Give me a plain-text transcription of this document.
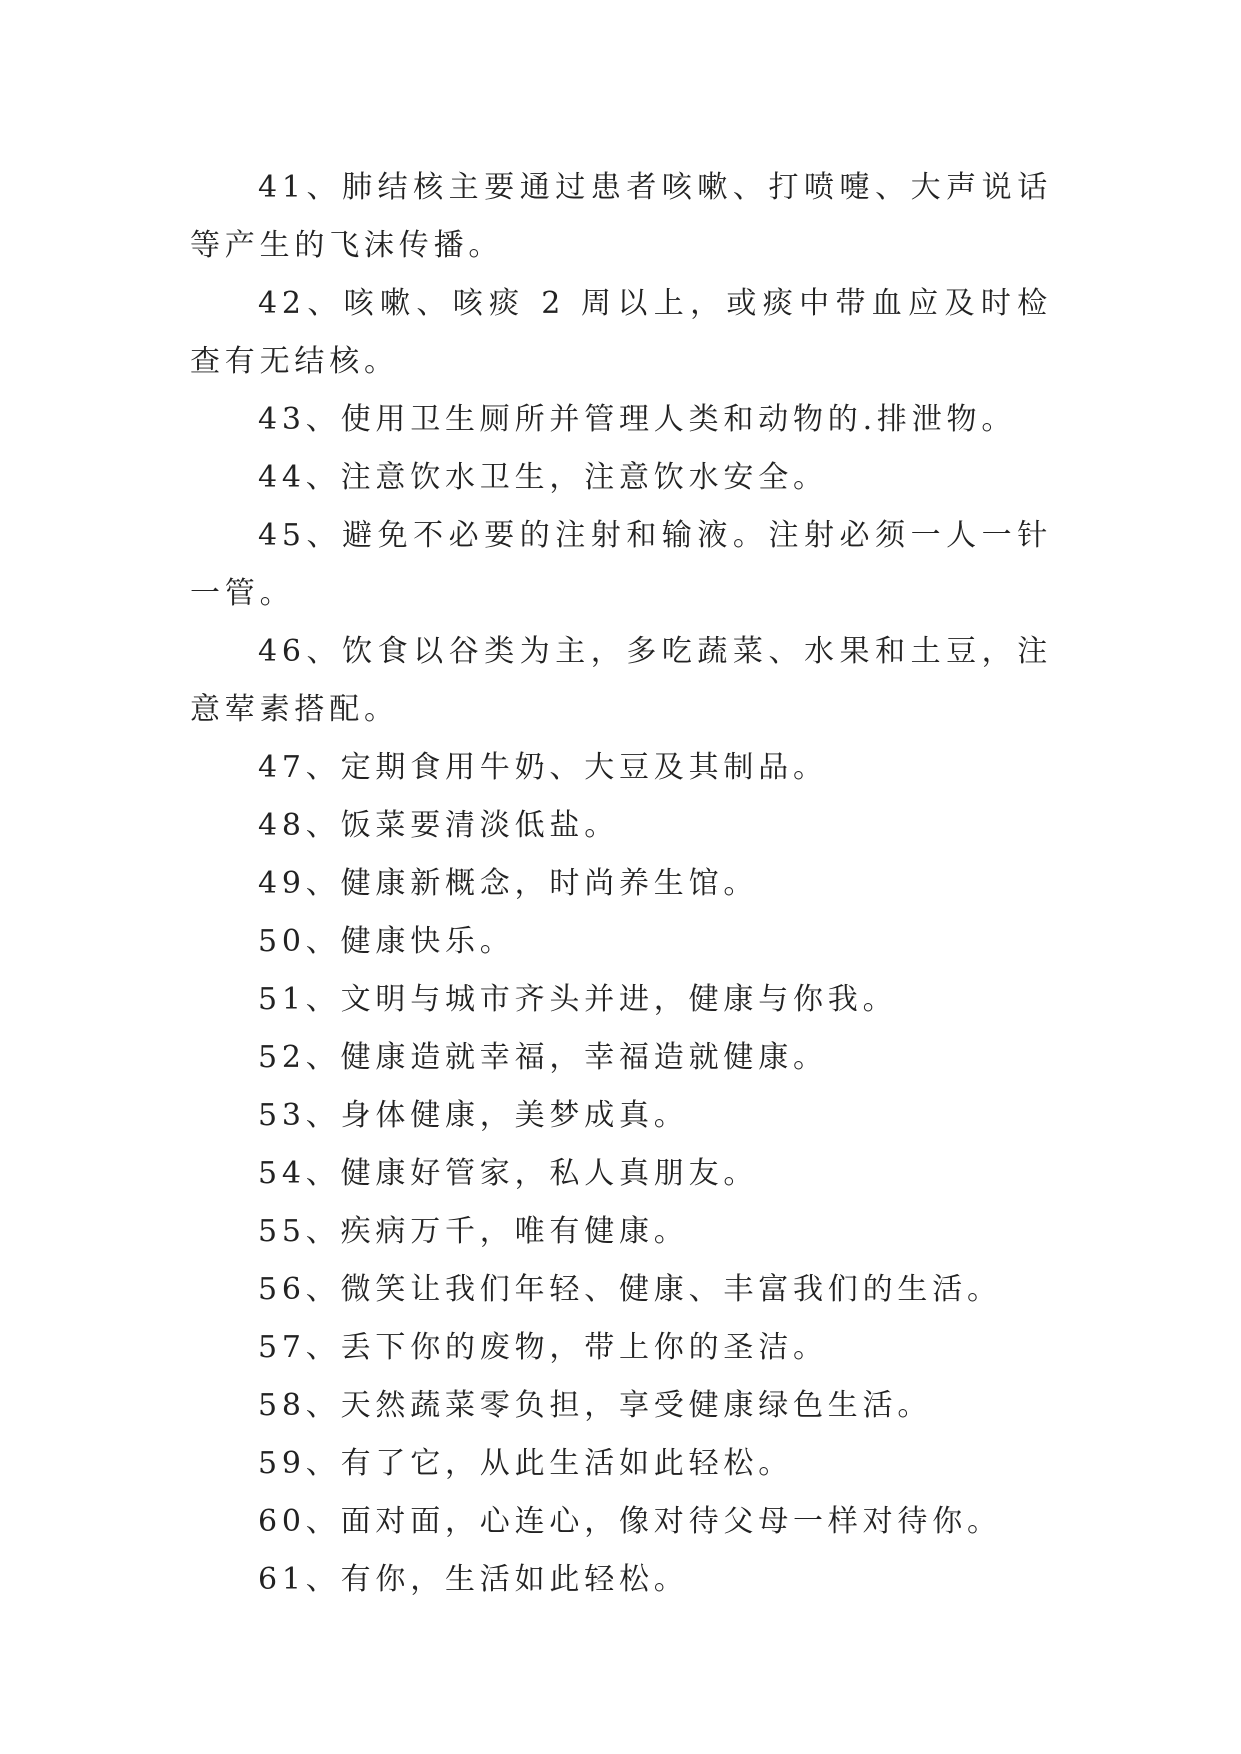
41、肺结核主要通过患者咳嗽、打喷嚏、大声说话等产生的飞沫传播。

42、咳嗽、咳痰 2 周以上，或痰中带血应及时检查有无结核。

43、使用卫生厕所并管理人类和动物的.排泄物。

44、注意饮水卫生，注意饮水安全。

45、避免不必要的注射和输液。注射必须一人一针一管。

46、饮食以谷类为主，多吃蔬菜、水果和土豆，注意荤素搭配。

47、定期食用牛奶、大豆及其制品。

48、饭菜要清淡低盐。

49、健康新概念，时尚养生馆。

50、健康快乐。

51、文明与城市齐头并进，健康与你我。

52、健康造就幸福，幸福造就健康。

53、身体健康，美梦成真。

54、健康好管家，私人真朋友。

55、疾病万千，唯有健康。

56、微笑让我们年轻、健康、丰富我们的生活。

57、丢下你的废物，带上你的圣洁。

58、天然蔬菜零负担，享受健康绿色生活。

59、有了它，从此生活如此轻松。

60、面对面，心连心，像对待父母一样对待你。

61、有你，生活如此轻松。
